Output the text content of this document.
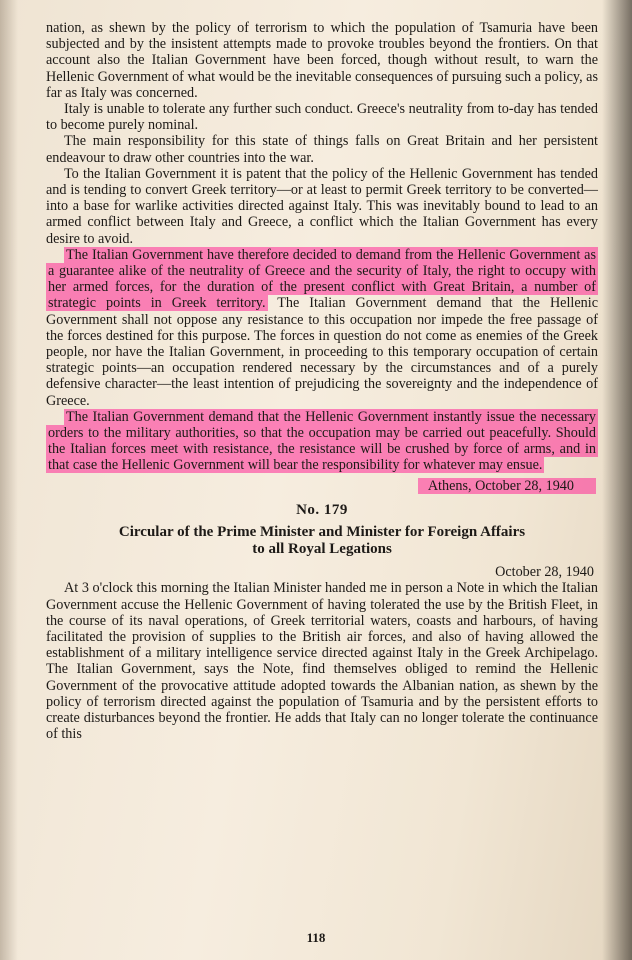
nation, as shewn by the policy of terrorism to which the population of Tsamuria have been subjected and by the insistent attempts made to provoke troubles beyond the frontiers. On that account also the Italian Government have been forced, though without result, to warn the Hellenic Government of what would be the inevitable consequences of pursuing such a policy, as far as Italy was concerned.

Italy is unable to tolerate any further such conduct. Greece's neutrality from to-day has tended to become purely nominal.

The main responsibility for this state of things falls on Great Britain and her persistent endeavour to draw other countries into the war.

To the Italian Government it is patent that the policy of the Hellenic Government has tended and is tending to convert Greek territory—or at least to permit Greek territory to be converted—into a base for warlike activities directed against Italy. This was inevitably bound to lead to an armed conflict between Italy and Greece, a conflict which the Italian Government has every desire to avoid.

The Italian Government have therefore decided to demand from the Hellenic Government as a guarantee alike of the neutrality of Greece and the security of Italy, the right to occupy with her armed forces, for the duration of the present conflict with Great Britain, a number of strategic points in Greek territory. The Italian Government demand that the Hellenic Government shall not oppose any resistance to this occupation nor impede the free passage of the forces destined for this purpose. The forces in question do not come as enemies of the Greek people, nor have the Italian Government, in proceeding to this temporary occupation of certain strategic points—an occupation rendered necessary by the circumstances and of a purely defensive character—the least intention of prejudicing the sovereignty and the independence of Greece.

The Italian Government demand that the Hellenic Government instantly issue the necessary orders to the military authorities, so that the occupation may be carried out peacefully. Should the Italian forces meet with resistance, the resistance will be crushed by force of arms, and in that case the Hellenic Government will bear the responsibility for whatever may ensue.

Athens, October 28, 1940
No. 179
Circular of the Prime Minister and Minister for Foreign Affairs
to all Royal Legations
October 28, 1940

At 3 o'clock this morning the Italian Minister handed me in person a Note in which the Italian Government accuse the Hellenic Government of having tolerated the use by the British Fleet, in the course of its naval operations, of Greek territorial waters, coasts and harbours, of having facilitated the provision of supplies to the British air forces, and also of having allowed the establishment of a military intelligence service directed against Italy in the Greek Archipelago. The Italian Government, says the Note, find themselves obliged to remind the Hellenic Government of the provocative attitude adopted towards the Albanian nation, as shewn by the policy of terrorism directed against the population of Tsamuria and by the persistent efforts to create disturbances beyond the frontier. He adds that Italy can no longer tolerate the continuance of this

118
